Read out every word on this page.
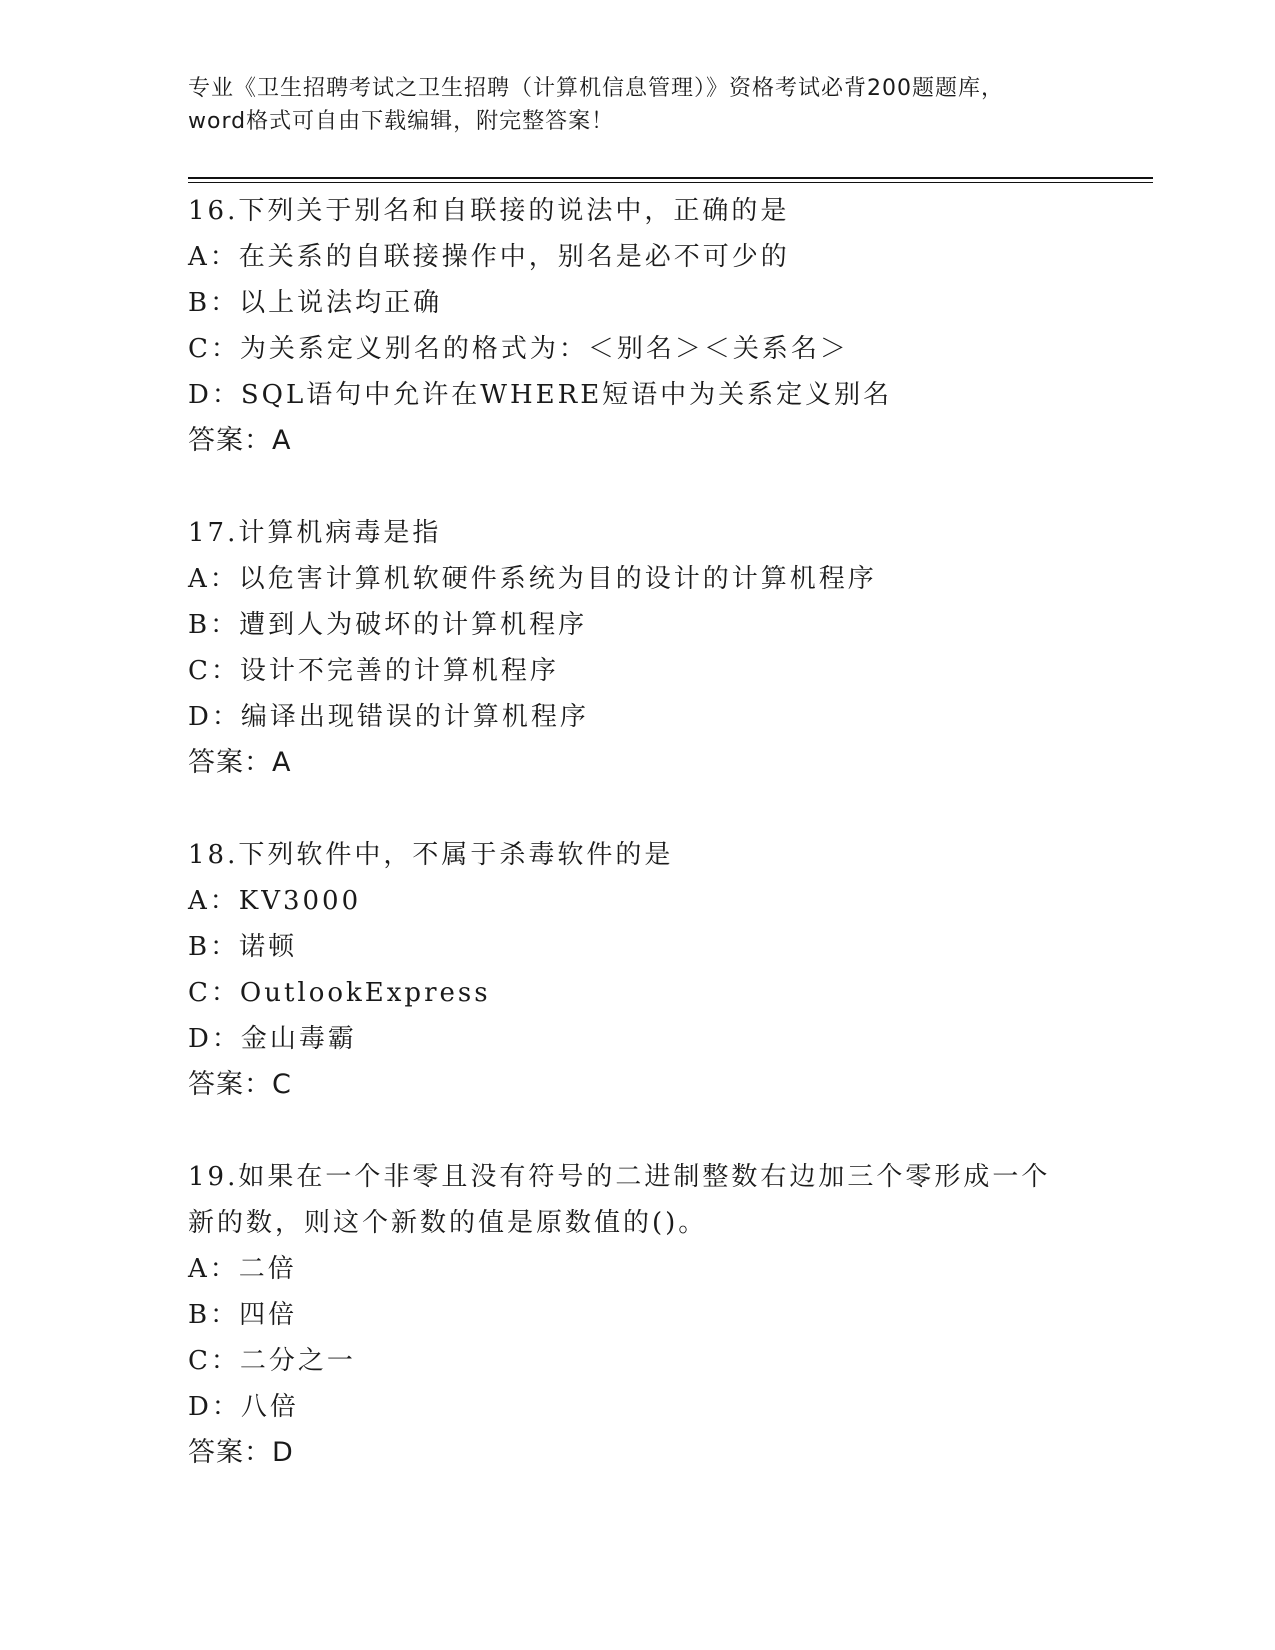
专业《卫生招聘考试之卫生招聘（计算机信息管理）》资格考试必背200题题库，
word格式可自由下载编辑，附完整答案！
16.下列关于别名和自联接的说法中，正确的是
A：在关系的自联接操作中，别名是必不可少的
B：以上说法均正确
C：为关系定义别名的格式为：＜别名＞＜关系名＞
D：SQL语句中允许在WHERE短语中为关系定义别名
答案：A
17.计算机病毒是指
A：以危害计算机软硬件系统为目的设计的计算机程序
B：遭到人为破坏的计算机程序
C：设计不完善的计算机程序
D：编译出现错误的计算机程序
答案：A
18.下列软件中，不属于杀毒软件的是
A：KV3000
B：诺顿
C：OutlookExpress
D：金山毒霸
答案：C
19.如果在一个非零且没有符号的二进制整数右边加三个零形成一个新的数，则这个新数的值是原数值的()。
A：二倍
B：四倍
C：二分之一
D：八倍
答案：D
